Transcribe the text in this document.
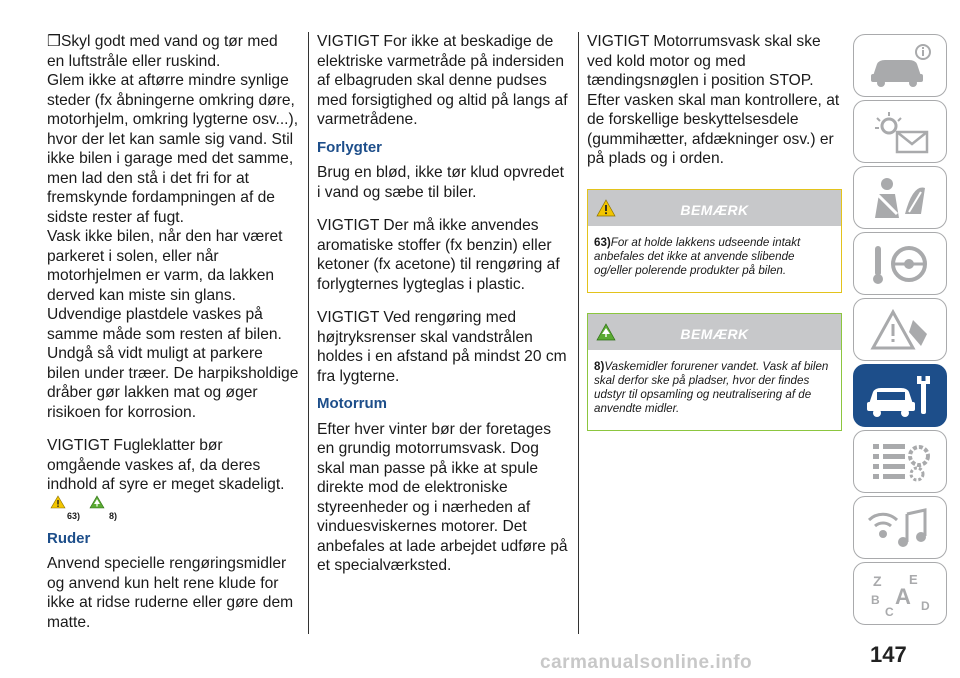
❒Skyl godt med vand og tør med en luftstråle eller ruskind.

Glem ikke at aftørre mindre synlige steder (fx åbningerne omkring døre, motorhjelm, omkring lygterne osv...), hvor der let kan samle sig vand. Stil ikke bilen i garage med det samme, men lad den stå i det fri for at fremskynde fordampningen af de sidste rester af fugt.

Vask ikke bilen, når den har været parkeret i solen, eller når motorhjelmen er varm, da lakken derved kan miste sin glans.

Udvendige plastdele vaskes på samme måde som resten af bilen.

Undgå så vidt muligt at parkere bilen under træer. De harpiksholdige dråber gør lakken mat og øger risikoen for korrosion.

VIGTIGT Fugleklatter bør omgående vaskes af, da deres indhold af syre er meget skadeligt.

63)	8)
Ruder

Anvend specielle rengøringsmidler og anvend kun helt rene klude for ikke at ridse ruderne eller gøre dem matte.

VIGTIGT For ikke at beskadige de elektriske varmetråde på indersiden af elbagruden skal denne pudses med forsigtighed og altid på langs af varmetrådene.

Forlygter

Brug en blød, ikke tør klud opvredet i vand og sæbe til biler.

VIGTIGT Der må ikke anvendes aromatiske stoffer (fx benzin) eller ketoner (fx acetone) til rengøring af forlygternes lygteglas i plastic.

VIGTIGT Ved rengøring med højtryksrenser skal vandstrålen holdes i en afstand på mindst 20 cm fra lygterne.

Motorrum

Efter hver vinter bør der foretages en grundig motorrumsvask. Dog skal man passe på ikke at spule direkte mod de elektroniske styreenheder og i nærheden af vinduesviskernes motorer. Det anbefales at lade arbejdet udføre på et specialværksted.

VIGTIGT Motorrumsvask skal ske ved kold motor og med tændingsnøglen i position STOP. Efter vasken skal man kontrollere, at de forskellige beskyttelsesdele (gummihætter, afdækninger osv.) er på plads og i orden.

BEMÆRK
63)For at holde lakkens udseende intakt anbefales det ikke at anvende slibende og/eller polerende produkter på bilen.
BEMÆRK
8)Vaskemidler forurener vandet. Vask af bilen skal derfor ske på pladser, hvor der findes udstyr til opsamling og neutralisering af de anvendte midler.
Z E
B A
C D
carmanualsonline.info	147
